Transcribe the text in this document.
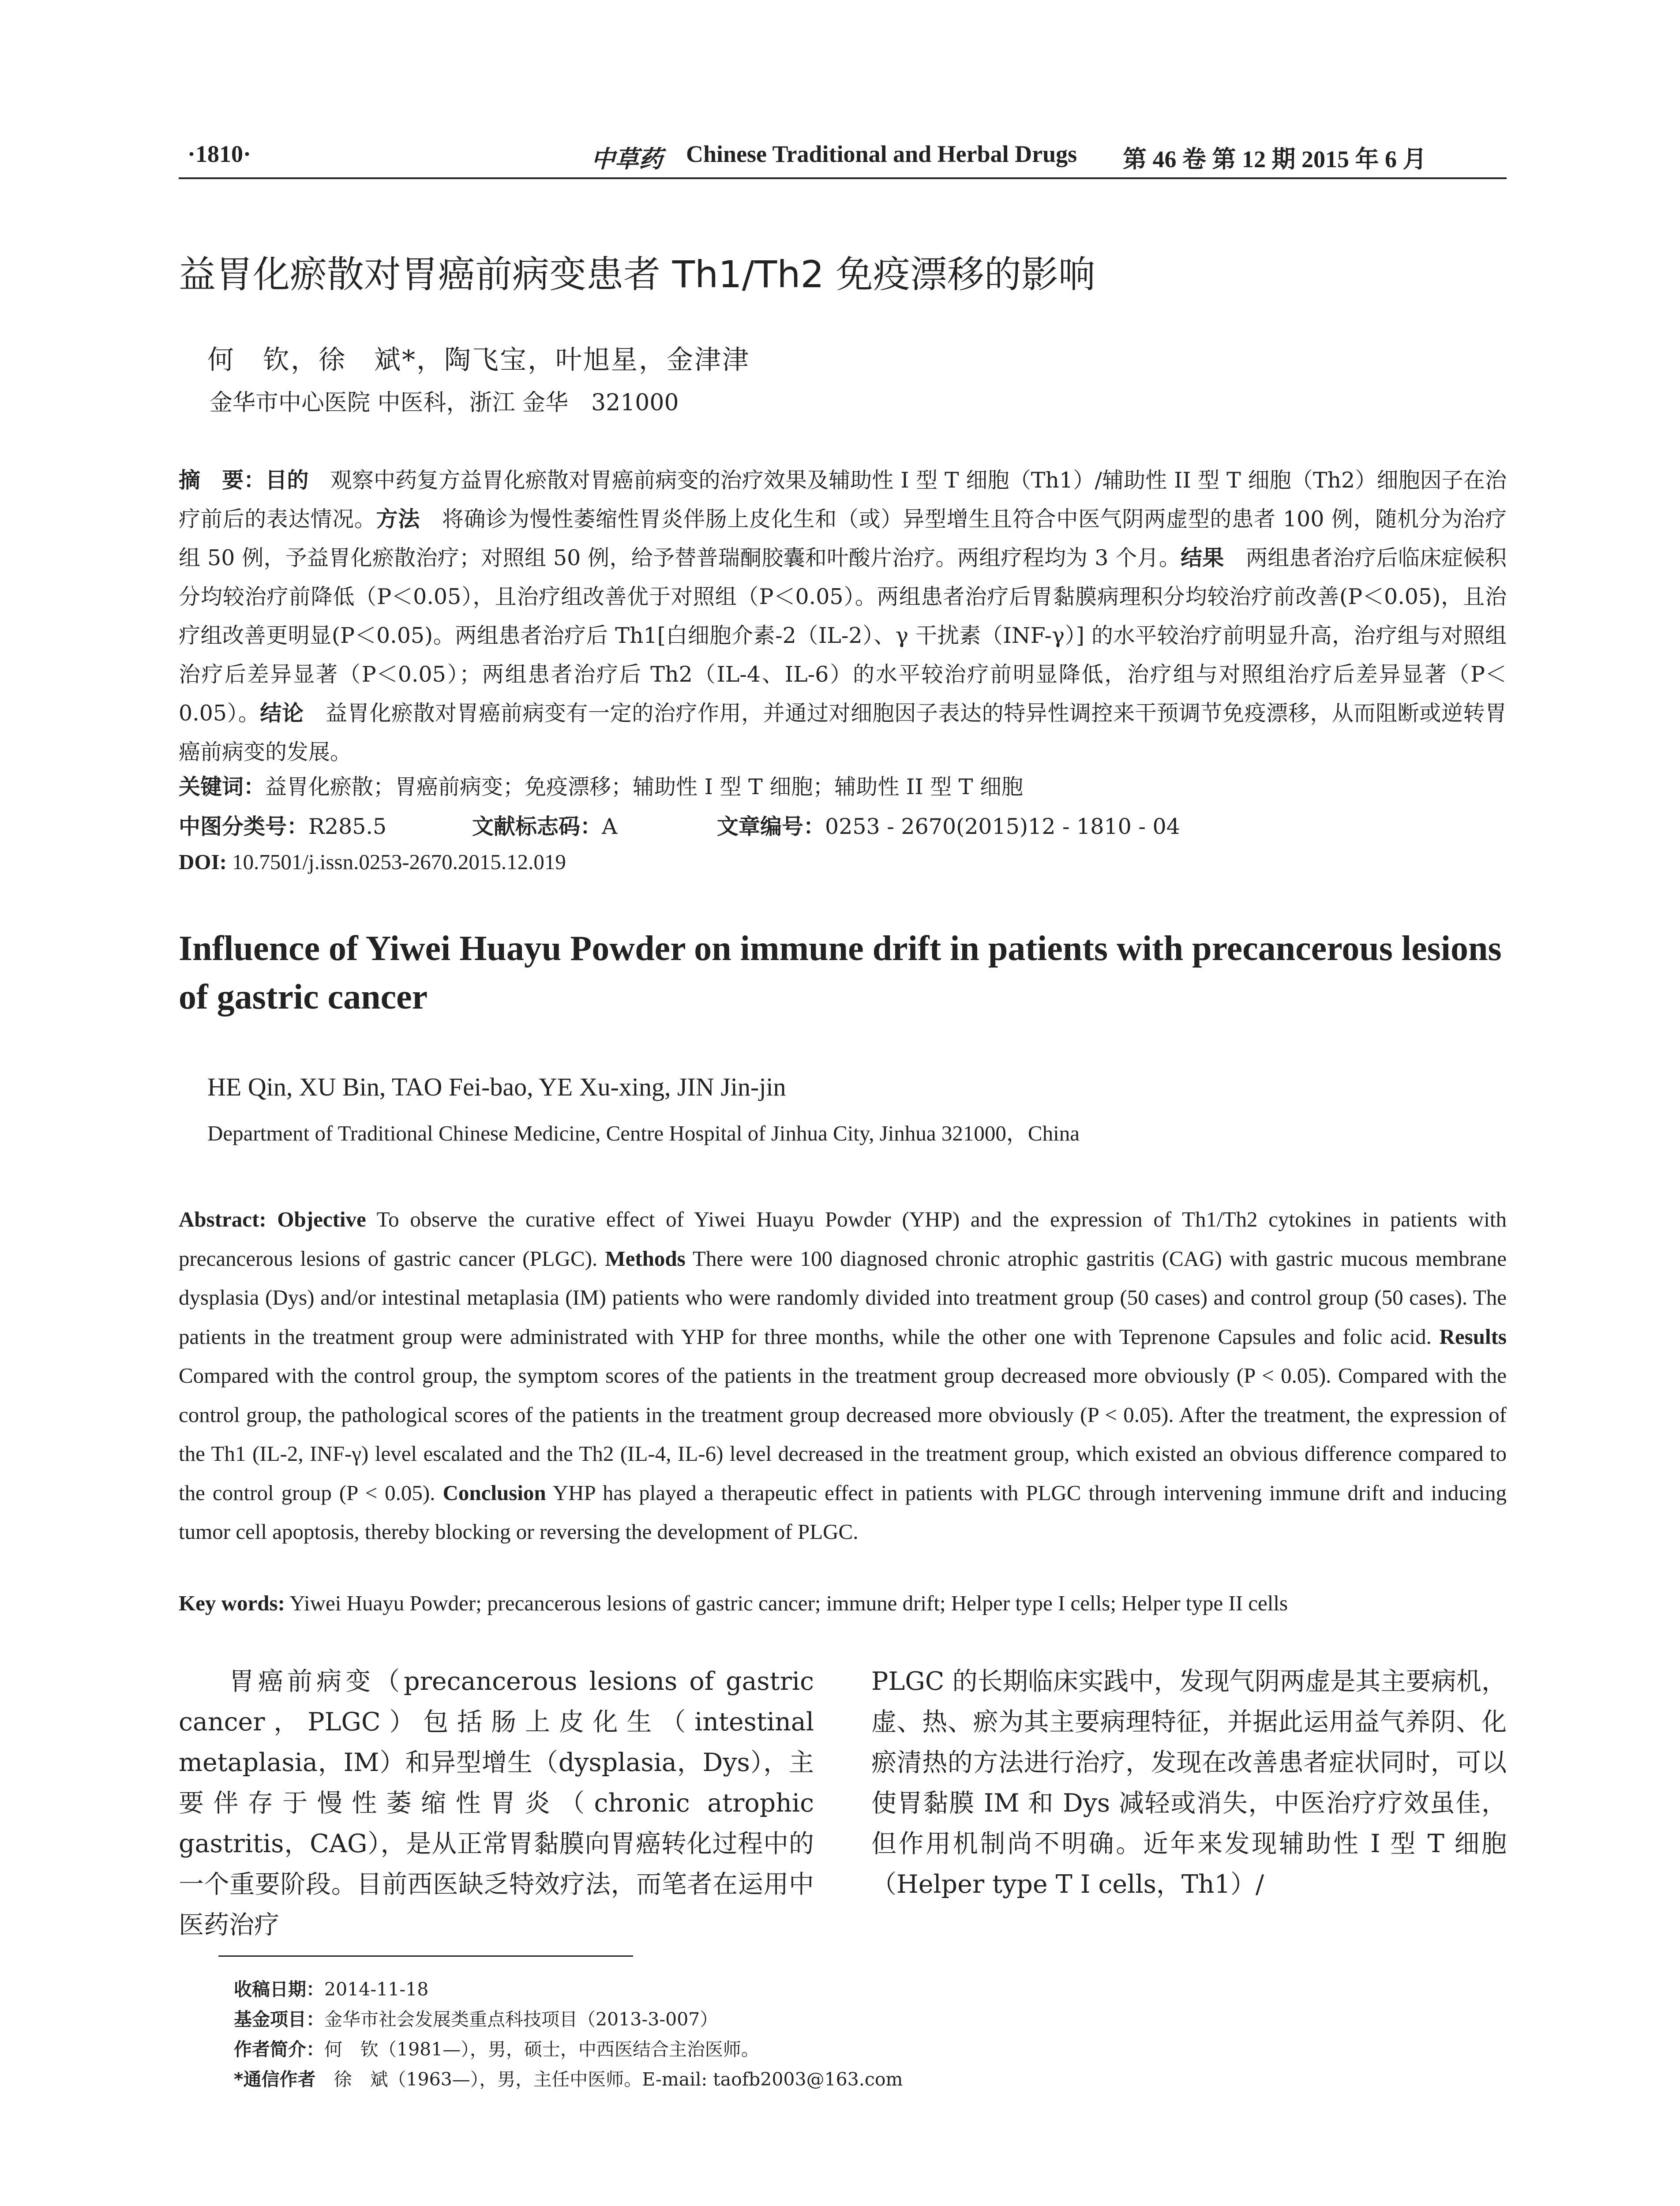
·1810·	中草药 Chinese Traditional and Herbal Drugs 第 46 卷 第 12 期 2015 年 6 月
益胃化瘀散对胃癌前病变患者 Th1/Th2 免疫漂移的影响
何　钦，徐　斌*，陶飞宝，叶旭星，金津津
金华市中心医院 中医科，浙江 金华　321000
摘　要：目的　观察中药复方益胃化瘀散对胃癌前病变的治疗效果及辅助性 I 型 T 细胞（Th1）/辅助性 II 型 T 细胞（Th2）细胞因子在治疗前后的表达情况。方法　将确诊为慢性萎缩性胃炎伴肠上皮化生和（或）异型增生且符合中医气阴两虚型的患者 100 例，随机分为治疗组 50 例，予益胃化瘀散治疗；对照组 50 例，给予替普瑞酮胶囊和叶酸片治疗。两组疗程均为 3 个月。结果　两组患者治疗后临床症候积分均较治疗前降低（P＜0.05），且治疗组改善优于对照组（P＜0.05）。两组患者治疗后胃黏膜病理积分均较治疗前改善(P＜0.05)，且治疗组改善更明显(P＜0.05)。两组患者治疗后 Th1[白细胞介素-2（IL-2）、γ 干扰素（INF-γ）] 的水平较治疗前明显升高，治疗组与对照组治疗后差异显著（P＜0.05）；两组患者治疗后 Th2（IL-4、IL-6）的水平较治疗前明显降低，治疗组与对照组治疗后差异显著（P＜0.05）。结论　益胃化瘀散对胃癌前病变有一定的治疗作用，并通过对细胞因子表达的特异性调控来干预调节免疫漂移，从而阻断或逆转胃癌前病变的发展。
关键词：益胃化瘀散；胃癌前病变；免疫漂移；辅助性 I 型 T 细胞；辅助性 II 型 T 细胞
中图分类号：R285.5	文献标志码：A	文章编号：0253 - 2670(2015)12 - 1810 - 04
DOI: 10.7501/j.issn.0253-2670.2015.12.019
Influence of Yiwei Huayu Powder on immune drift in patients with precancerous lesions of gastric cancer
HE Qin, XU Bin, TAO Fei-bao, YE Xu-xing, JIN Jin-jin
Department of Traditional Chinese Medicine, Centre Hospital of Jinhua City, Jinhua 321000，China
Abstract: Objective To observe the curative effect of Yiwei Huayu Powder (YHP) and the expression of Th1/Th2 cytokines in patients with precancerous lesions of gastric cancer (PLGC). Methods There were 100 diagnosed chronic atrophic gastritis (CAG) with gastric mucous membrane dysplasia (Dys) and/or intestinal metaplasia (IM) patients who were randomly divided into treatment group (50 cases) and control group (50 cases). The patients in the treatment group were administrated with YHP for three months, while the other one with Teprenone Capsules and folic acid. Results Compared with the control group, the symptom scores of the patients in the treatment group decreased more obviously (P < 0.05). Compared with the control group, the pathological scores of the patients in the treatment group decreased more obviously (P < 0.05). After the treatment, the expression of the Th1 (IL-2, INF-γ) level escalated and the Th2 (IL-4, IL-6) level decreased in the treatment group, which existed an obvious difference compared to the control group (P < 0.05). Conclusion YHP has played a therapeutic effect in patients with PLGC through intervening immune drift and inducing tumor cell apoptosis, thereby blocking or reversing the development of PLGC.
Key words: Yiwei Huayu Powder; precancerous lesions of gastric cancer; immune drift; Helper type I cells; Helper type II cells
胃癌前病变（precancerous lesions of gastric cancer，PLGC）包括肠上皮化生（intestinal metaplasia，IM）和异型增生（dysplasia，Dys），主要伴存于慢性萎缩性胃炎（chronic atrophic gastritis，CAG），是从正常胃黏膜向胃癌转化过程中的一个重要阶段。目前西医缺乏特效疗法，而笔者在运用中医药治疗
PLGC 的长期临床实践中，发现气阴两虚是其主要病机，虚、热、瘀为其主要病理特征，并据此运用益气养阴、化瘀清热的方法进行治疗，发现在改善患者症状同时，可以使胃黏膜 IM 和 Dys 减轻或消失，中医治疗疗效虽佳，但作用机制尚不明确。近年来发现辅助性 I 型 T 细胞（Helper type T I cells，Th1）/
收稿日期：2014-11-18
基金项目：金华市社会发展类重点科技项目（2013-3-007）
作者简介：何　钦（1981—），男，硕士，中西医结合主治医师。
*通信作者　徐　斌（1963—），男，主任中医师。E-mail: taofb2003@163.com
